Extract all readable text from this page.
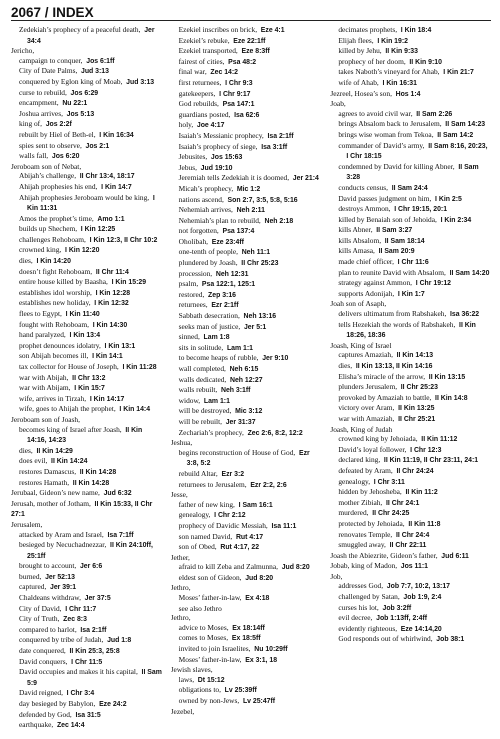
2067 / INDEX
Zedekiah’s prophecy of a peaceful death,  Jer 34:4
Jericho,
campaign to conquer,  Jos 6:1ff
City of Date Palms,  Jud 3:13
conquered by Eglon king of Moab,  Jud 3:13
curse to rebuild,  Jos 6:29
encampment,  Nu 22:1
Joshua arrives,  Jos 5:13
king of,  Jos 2:2f
rebuilt by Hiel of Beth-el,  I Kin 16:34
spies sent to observe,  Jos 2:1
walls fall,  Jos 6:20
Jeroboam son of Nebat,
Abijah’s challenge,  II Chr 13:4, 18:17
Ahijah prophesies his end,  I Kin 14:7
Ahijah prophesies Jeroboam would be king,  I Kin 11:31
Amos the prophet’s time,  Amo 1:1
builds up Shechem,  I Kin 12:25
challenges Rehoboam,  I Kin 12:3, II Chr 10:2
crowned king,  I Kin 12:20
dies,  I Kin 14:20
doesn’t fight Rehoboam,  II Chr 11:4
entire house killed by Baasha,  I Kin 15:29
establishes idol worship,  I Kin 12:28
establishes new holiday,  I Kin 12:32
flees to Egypt,  I Kin 11:40
fought with Rehoboam,  I Kin 14:30
hand paralyzed,  I Kin 13:4
prophet denounces idolatry,  I Kin 13:1
son Abijah becomes ill,  I Kin 14:1
tax collector for House of Joseph,  I Kin 11:28
war with Abijah,  II Chr 13:2
war with Abijam,  I Kin 15:7
wife, arrives in Tirzah,  I Kin 14:17
wife, goes to Ahijah the prophet,  I Kin 14:4
Jeroboam son of Joash,
becomes king of Israel after Joash,  II Kin 14:16, 14:23
dies,  II Kin 14:29
does evil,  II Kin 14:24
restores Damascus,  II Kin 14:28
restores Hamath,  II Kin 14:28
Jerubaal, Gideon’s new name,  Jud 6:32
Jerusah, mother of Jotham,  II Kin 15:33, II Chr 27:1
Jerusalem,
attacked by Aram and Israel,  Isa 7:1ff
besieged by Necuchadnezzar,  II Kin 24:10ff, 25:1ff
brought to account,  Jer 6:6
burned,  Jer 52:13
captured,  Jer 39:1
Chaldeans withdraw,  Jer 37:5
City of David,  I Chr 11:7
City of Truth,  Zec 8:3
compared to harlot,  Isa 2:1ff
conquered by tribe of Judah,  Jud 1:8
date conquered,  II Kin 25:3, 25:8
David conquers,  I Chr 11:5
David occupies and makes it his capital,  II Sam 5:9
David reigned,  I Chr 3:4
day besieged by Babylon,  Eze 24:2
defended by God,  Isa 31:5
earthquake,  Zec 14:4
Ezekiel inscribes on brick,  Eze 4:1
Ezekiel’s rebuke,  Eze 22:1ff
Ezekiel transported,  Eze 8:3ff
fairest of cities,  Psa 48:2
final war,  Zec 14:2
first returnees,  I Chr 9:3
gatekeepers,  I Chr 9:17
God rebuilds,  Psa 147:1
guardians posted,  Isa 62:6
holy,  Joe 4:17
Isaiah’s Messianic prophecy,  Isa 2:1ff
Isaiah’s prophecy of siege,  Isa 3:1ff
Jebusites,  Jos 15:63
Jebus,  Jud 19:10
Jeremiah tells Zedekiah it is doomed,  Jer 21:4
Micah’s prophecy,  Mic 1:2
nations ascend,  Son 2:7, 3:5, 5:8, 5:16
Nehemiah arrives,  Neh 2:11
Nehemiah’s plan to rebuild,  Neh 2:18
not forgotten,  Psa 137:4
Oholibah,  Eze 23:4ff
one-tenth of people,  Neh 11:1
plundered by Joash,  II Chr 25:23
procession,  Neh 12:31
psalm,  Psa 122:1, 125:1
restored,  Zep 3:16
returnees,  Ezr 2:1ff
Sabbath desecration,  Neh 13:16
seeks man of justice,  Jer 5:1
sinned,  Lam 1:8
sits in solitude,  Lam 1:1
to become heaps of rubble,  Jer 9:10
wall completed,  Neh 6:15
walls dedicated,  Neh 12:27
walls rebuilt,  Neh 3:1ff
widow,  Lam 1:1
will be destroyed,  Mic 3:12
will be rebuilt,  Jer 31:37
Zechariah’s prophecy,  Zec 2:6, 8:2, 12:2
Jeshua,
begins reconstruction of House of God,  Ezr 3:8, 5:2
rebuild Altar,  Ezr 3:2
returnees to Jerusalem,  Ezr 2:2, 2:6
Jesse,
father of new king,  I Sam 16:1
genealogy,  I Chr 2:12
prophecy of Davidic Messiah,  Isa 11:1
son named David,  Rut 4:17
son of Obed,  Rut 4:17, 22
Jether,
afraid to kill Zeba and Zalmunna,  Jud 8:20
eldest son of Gideon,  Jud 8:20
Jethro,
Moses’ father-in-law,  Ex 4:18
see also Jethro
Jethro,
advice to Moses,  Ex 18:14ff
comes to Moses,  Ex 18:5ff
invited to join Israelites,  Nu 10:29ff
Moses’ father-in-law,  Ex 3:1, 18
Jewish slaves,
laws,  Dt 15:12
obligations to,  Lv 25:39ff
owned by non-Jews,  Lv 25:47ff
Jezebel,
decimates prophets,  I Kin 18:4
Elijah flees,  I Kin 19:2
killed by Jehu,  II Kin 9:33
prophecy of her doom,  II Kin 9:10
takes Naboth’s vineyard for Ahab,  I Kin 21:7
wife of Ahab,  I Kin 16:31
Jezreel, Hosea’s son,  Hos 1:4
Joab,
agrees to avoid civil war,  II Sam 2:26
brings Absalom back to Jerusalem,  II Sam 14:23
brings wise woman from Tekoa,  II Sam 14:2
commander of David’s army,  II Sam 8:16, 20:23, I Chr 18:15
condemned by David for killing Abner,  II Sam 3:28
conducts census,  II Sam 24:4
David passes judgment on him,  I Kin 2:5
destroys Ammon,  I Chr 19:15, 20:1
killed by Benaiah son of Jehoida,  I Kin 2:34
kills Abner,  II Sam 3:27
kills Absalom,  II Sam 18:14
kills Amasa,  II Sam 20:9
made chief officer,  I Chr 11:6
plan to reunite David with Absalom,  II Sam 14:20
strategy against Ammon,  I Chr 19:12
supports Adonijah,  I Kin 1:7
Joah son of Asaph,
delivers ultimatum from Rabshakeh,  Isa 36:22
tells Hezekiah the words of Rabshakeh,  II Kin 18:26, 18:36
Joash, King of Israel
captures Amaziah,  II Kin 14:13
dies,  II Kin 13:13, II Kin 14:16
Elisha’s miracle of the arrow,  II Kin 13:15
plunders Jerusalem,  II Chr 25:23
provoked by Amaziah to battle,  II Kin 14:8
victory over Aram,  II Kin 13:25
war with Amaziah,  II Chr 25:21
Joash, King of Judah
crowned king by Jehoiada,  II Kin 11:12
David’s loyal follower,  I Chr 12:3
declared king,  II Kin 11:19, II Chr 23:11, 24:1
defeated by Aram,  II Chr 24:24
genealogy,  I Chr 3:11
hidden by Jehosheba,  II Kin 11:2
mother Zibiah,  II Chr 24:1
murdered,  II Chr 24:25
protected by Jehoiada,  II Kin 11:8
renovates Temple,  II Chr 24:4
smuggled away,  II Chr 22:11
Joash the Abiezrite, Gideon’s father,  Jud 6:11
Jobab, king of Madon,  Jos 11:1
Job,
addresses God,  Job 7:7, 10:2, 13:17
challenged by Satan,  Job 1:9, 2:4
curses his lot,  Job 3:2ff
evil decree,  Job 1:13ff, 2:4ff
evidently righteous,  Eze 14:14,20
God responds out of whirlwind,  Job 38:1
